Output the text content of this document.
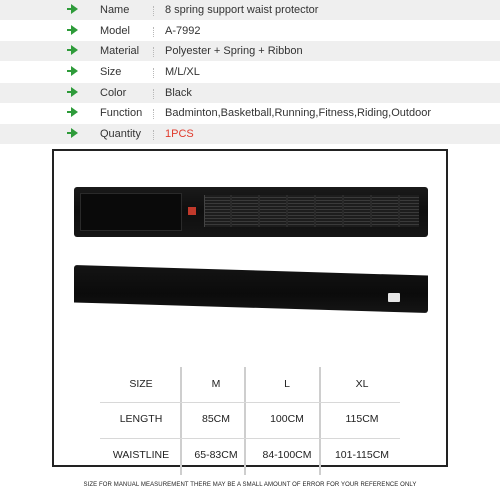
Name	8 spring support waist protector
Model	A-7992
Material	Polyester + Spring + Ribbon
Size	M/L/XL
Color	Black
Function	Badminton,Basketball,Running,Fitness,Riding,Outdoor
Quantity	1PCS
SIZE	M	L	XL
LENGTH	85CM	100CM	115CM
WAISTLINE	65-83CM	84-100CM	101-115CM
SIZE FOR MANUAL MEASUREMENT THERE MAY BE A SMALL AMOUNT OF ERROR FOR YOUR REFERENCE ONLY
